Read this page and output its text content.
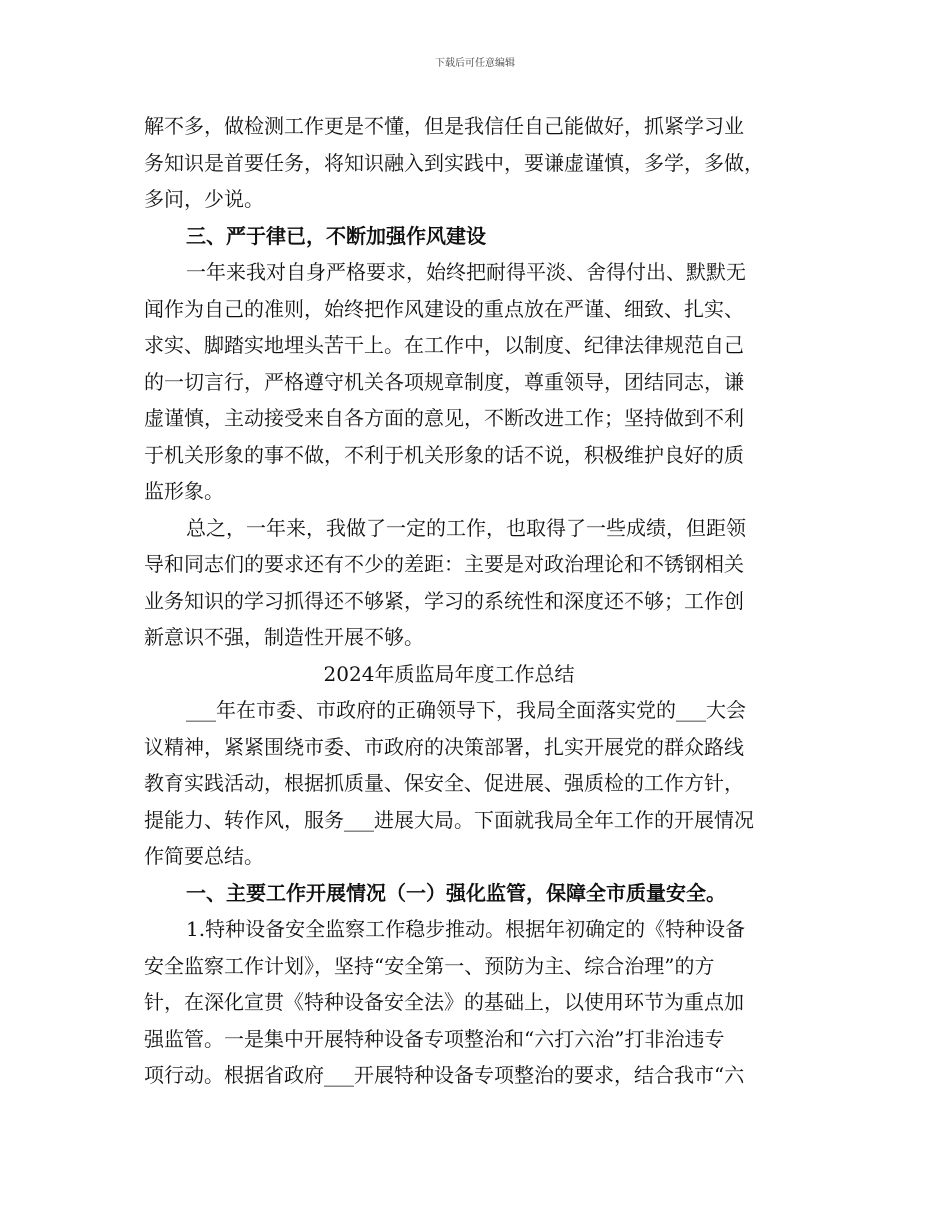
下载后可任意编辑
解不多，做检测工作更是不懂，但是我信任自己能做好，抓紧学习业
务知识是首要任务，将知识融入到实践中，要谦虚谨慎，多学，多做，
多问，少说。
三、严于律已，不断加强作风建设
一年来我对自身严格要求，始终把耐得平淡、舍得付出、默默无
闻作为自己的准则，始终把作风建设的重点放在严谨、细致、扎实、
求实、脚踏实地埋头苦干上。在工作中，以制度、纪律法律规范自己
的一切言行，严格遵守机关各项规章制度，尊重领导，团结同志，谦
虚谨慎，主动接受来自各方面的意见，不断改进工作；坚持做到不利
于机关形象的事不做，不利于机关形象的话不说，积极维护良好的质
监形象。
总之，一年来，我做了一定的工作，也取得了一些成绩，但距领
导和同志们的要求还有不少的差距：主要是对政治理论和不锈钢相关
业务知识的学习抓得还不够紧，学习的系统性和深度还不够；工作创
新意识不强，制造性开展不够。
2024年质监局年度工作总结
___年在市委、市政府的正确领导下，我局全面落实党的___大会
议精神，紧紧围绕市委、市政府的决策部署，扎实开展党的群众路线
教育实践活动，根据抓质量、保安全、促进展、强质检的工作方针，
提能力、转作风，服务___进展大局。下面就我局全年工作的开展情况
作简要总结。
一、主要工作开展情况（一）强化监管，保障全市质量安全。
1.特种设备安全监察工作稳步推动。根据年初确定的《特种设备
安全监察工作计划》，坚持“安全第一、预防为主、综合治理”的方
针，在深化宣贯《特种设备安全法》的基础上，以使用环节为重点加
强监管。一是集中开展特种设备专项整治和“六打六治”打非治违专
项行动。根据省政府___开展特种设备专项整治的要求，结合我市“六
